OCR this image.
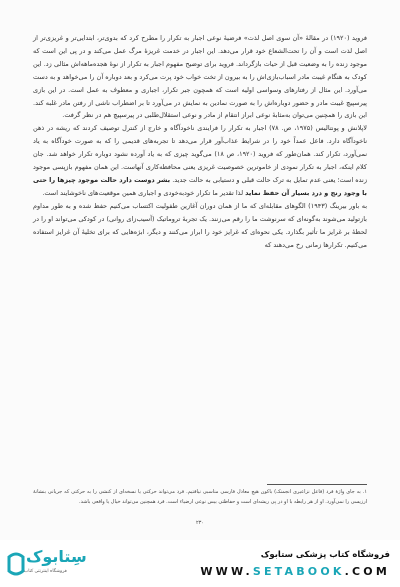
فروید (۱۹۲۰) در مقالهٔ «آن سوی اصل لذت» فرضیهٔ نوعی اجبار به تکرار را مطرح کرد که بدوی‌تر، ابتدایی‌تر و غریزی‌تر از اصل لذت است و آن را تحت‌الشعاع خود قرار می‌دهد. این اجبار در خدمت غریزهٔ مرگ عمل می‌کند و در پی این است که موجود زنده را به وضعیت قبل از حیات بازگرداند. فروید برای توضیح مفهوم اجبار به تکرار از نوهٔ هجده‌ماهه‌اش مثالی زد. این کودک به هنگام غیبت مادر اسباب‌بازی‌اش را به بیرون از تخت خواب خود پرت می‌کرد و بعد دوباره آن را می‌خواهد و به دست می‌آورد. این مثال از رفتارهای وسواسی اولیه است که همچون جبر تکرار، اجباری و معطوف به عمل است. در این بازی پیرسپیچ غیبت مادر و حضور دوباره‌اش را به صورت نمادین به نمایش در می‌آورد تا بر اضطراب ناشی از رفتن مادر غلبه کند. این بازی را همچنین می‌توان به‌مثابهٔ نوعی ابراز انتقام از مادر و نوعی استقلال‌طلبی در پیرسپیچ هم در نظر گرفت.

لاپلانش و پونتالیس (۱۹۷۵، ص. ۷۸) اجبار به تکرار را فرایندی ناخودآگاه و خارج از کنترل توصیف کردند که ریشه در ذهن ناخودآگاه دارد. فاعل عمداً خود را در شرایط عذاب‌آور قرار می‌دهد تا تجربه‌های قدیمی را که به صورت خودآگاه به یاد نمی‌آورد، تکرار کند. همان‌طور که فروید (۱۹۲۰، ص ۱۸) می‌گوید چیزی که به یاد آورده نشود دوباره تکرار خواهد شد. جان کلام اینکه، اجبار به تکرار نمودی از خاموترین خصوصیت غریزی یعنی محافظه‌کاری آنهاست. این همان مفهوم بازپسی موجود زنده است؛ یعنی عدم تمایل به ترک حالت قبلی و دستیابی به حالت جدید. بشر دوست دارد حالت موجود چیزها را حتی با وجود رنج و درد بسیار آن حفظ نماید لذا تقدیر ما تکرار خودبه‌خودی و اجباری همین موقعیت‌های ناخوشایند است.

به باور بیرینگ (۱۹۴۳) الگوهای مقابله‌ای که ما از همان دوران آغازین طفولیت اکتساب می‌کنیم حفظ شده و به طور مداوم بازتولید می‌شوند به‌گونه‌ای که سرنوشت ما را رقم می‌زنند. یک تجربهٔ تروماتیک (آسیب‌زای روانی) در کودکی می‌تواند او را در لحظهٔ بر غرایز ما تأثیر بگذارد. یکی نحوه‌ای که غرایز خود را ابراز می‌کنند و دیگر، ابژه‌هایی که برای تخلیهٔ آن غرایز استفاده می‌کنیم. تکرارها زمانی رخ می‌دهند که

۱. به جای واژهٔ فرد (فاعل نزاعیری انجمنک) باکون هیچ معادل فارسی مناسبی نیافتیم. فرد می‌تواند حرکتی یا نسخه‌ای از کنشی را به حرکتی که جریانی بنشانهٔ ارزیسی را نمی‌آورد. او از هر رابطه با او در پی ریشه‌ای است و حفاظتی بیس نوعی ارضیاء است. فرد همچنین می‌تواند خیال یا واقعی باشد.
۲۳۰
سِتابوک
فروشگاه اینترنتی کتاب
فروشگاه کتاب پزشکی ستابوک
WWW.SETABOOK.COM
